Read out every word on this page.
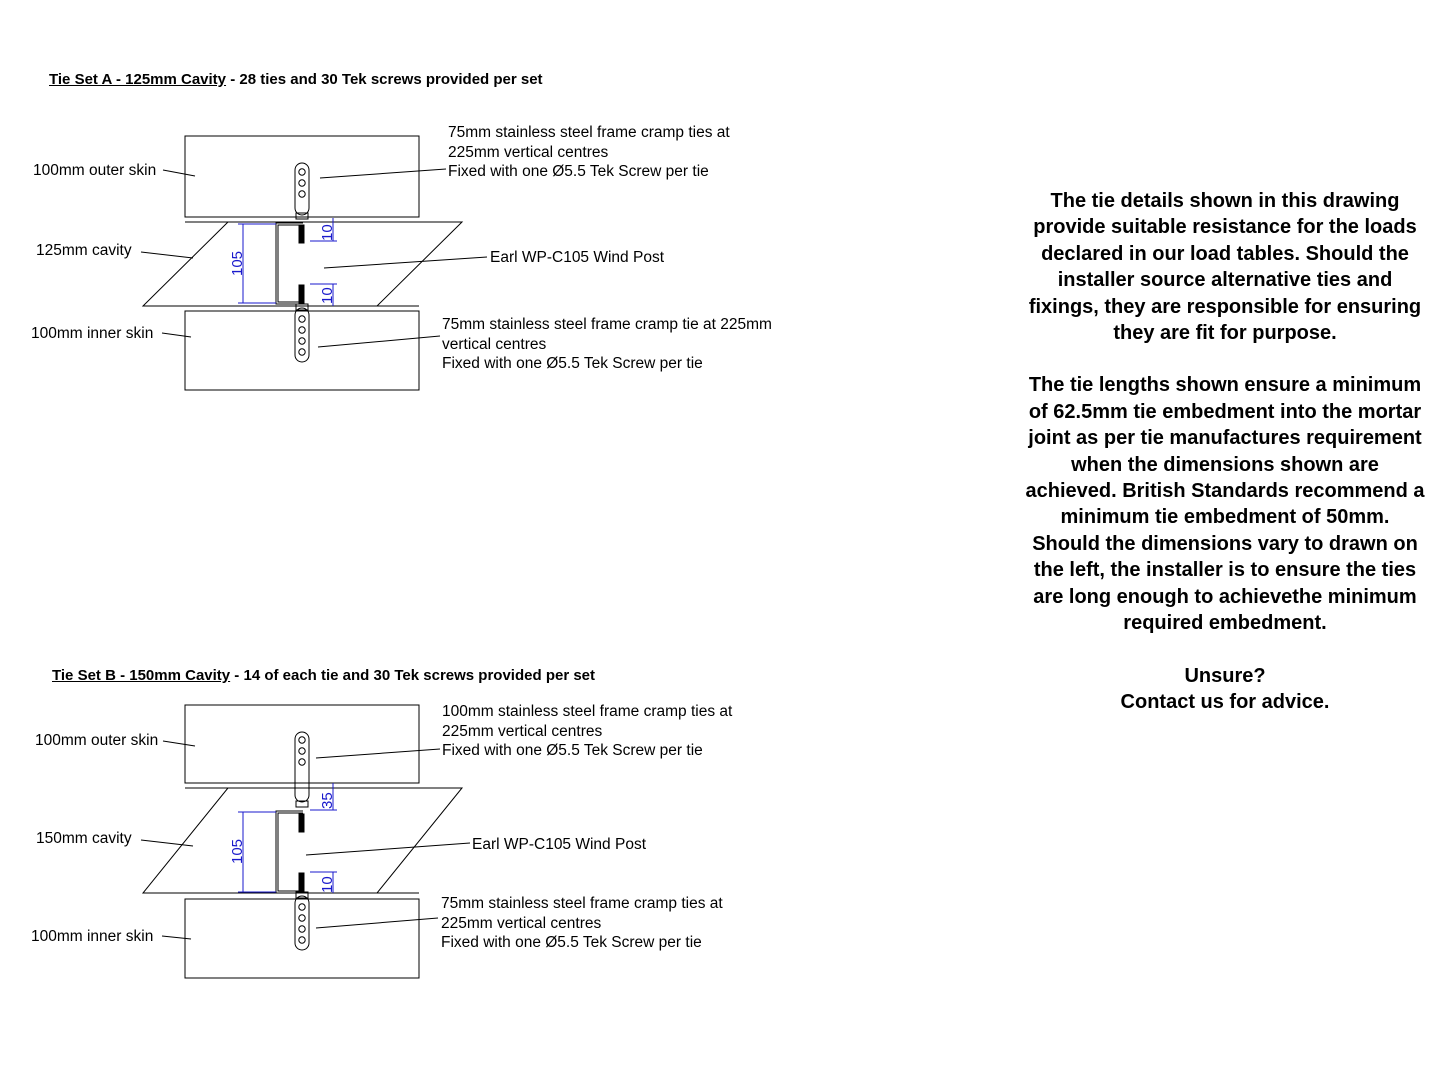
Tie Set A - 125mm Cavity - 28 ties and 30 Tek screws provided per set
Tie Set B - 150mm Cavity - 14 of each tie and 30 Tek screws provided per set
105
10
10
105
35
10
100mm outer skin
125mm cavity
100mm inner skin
75mm stainless steel frame cramp ties at
225mm vertical centres
Fixed with one Ø5.5 Tek Screw per tie
Earl WP-C105 Wind Post
75mm stainless steel frame cramp tie at 225mm
vertical centres
Fixed with one Ø5.5 Tek Screw per tie
100mm outer skin
150mm cavity
100mm inner skin
100mm stainless steel frame cramp ties at
225mm vertical centres
Fixed with one Ø5.5 Tek Screw per tie
Earl WP-C105 Wind Post
75mm stainless steel frame cramp ties at
225mm vertical centres
Fixed with one Ø5.5 Tek Screw per tie

The tie details shown in this drawing provide suitable resistance for the loads declared in our load tables. Should the installer source alternative ties and fixings, they are responsible for ensuring they are fit for purpose.

The tie lengths shown ensure a minimum of 62.5mm tie embedment into the mortar joint as per tie manufactures requirement when the dimensions shown are achieved. British Standards recommend a minimum tie embedment of 50mm. Should the dimensions vary to drawn on the left, the installer is to ensure the ties are long enough to achievethe minimum required embedment.

Unsure?
Contact us for advice.
